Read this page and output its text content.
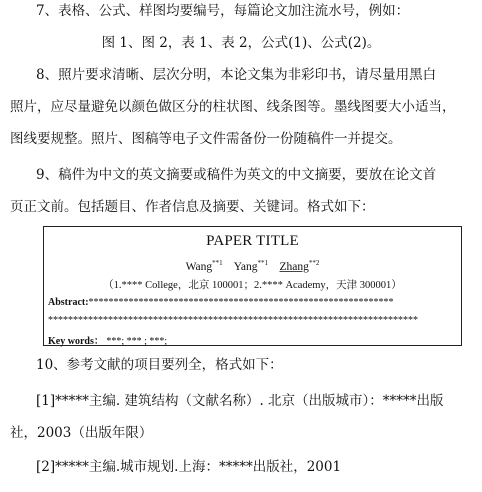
7、表格、公式、样图均要编号，每篇论文加注流水号，例如：
图 1、图 2，表 1、表 2，公式(1)、公式(2)。
8、照片要求清晰、层次分明，本论文集为非彩印书，请尽量用黑白
照片，应尽量避免以颜色做区分的柱状图、线条图等。墨线图要大小适当，
图线要规整。照片、图稿等电子文件需备份一份随稿件一并提交。
9、稿件为中文的英文摘要或稿件为英文的中文摘要，要放在论文首
页正文前。包括题目、作者信息及摘要、关键词。格式如下：
PAPER TITLE
Wang$^{**1}$ Yang$^{**1}$ Zhang$^{**2}$
（1.**** College，北京 100001；2.**** Academy，天津 300001）
Abstract:*************************************************************
**************************************************************************
Key words： ***; *** ; ***;
10、参考文献的项目要列全，格式如下：
[1]*****主编. 建筑结构（文献名称）. 北京（出版城市）：*****出版
社，2003（出版年限）
[2]*****主编.城市规划.上海：*****出版社，2001
